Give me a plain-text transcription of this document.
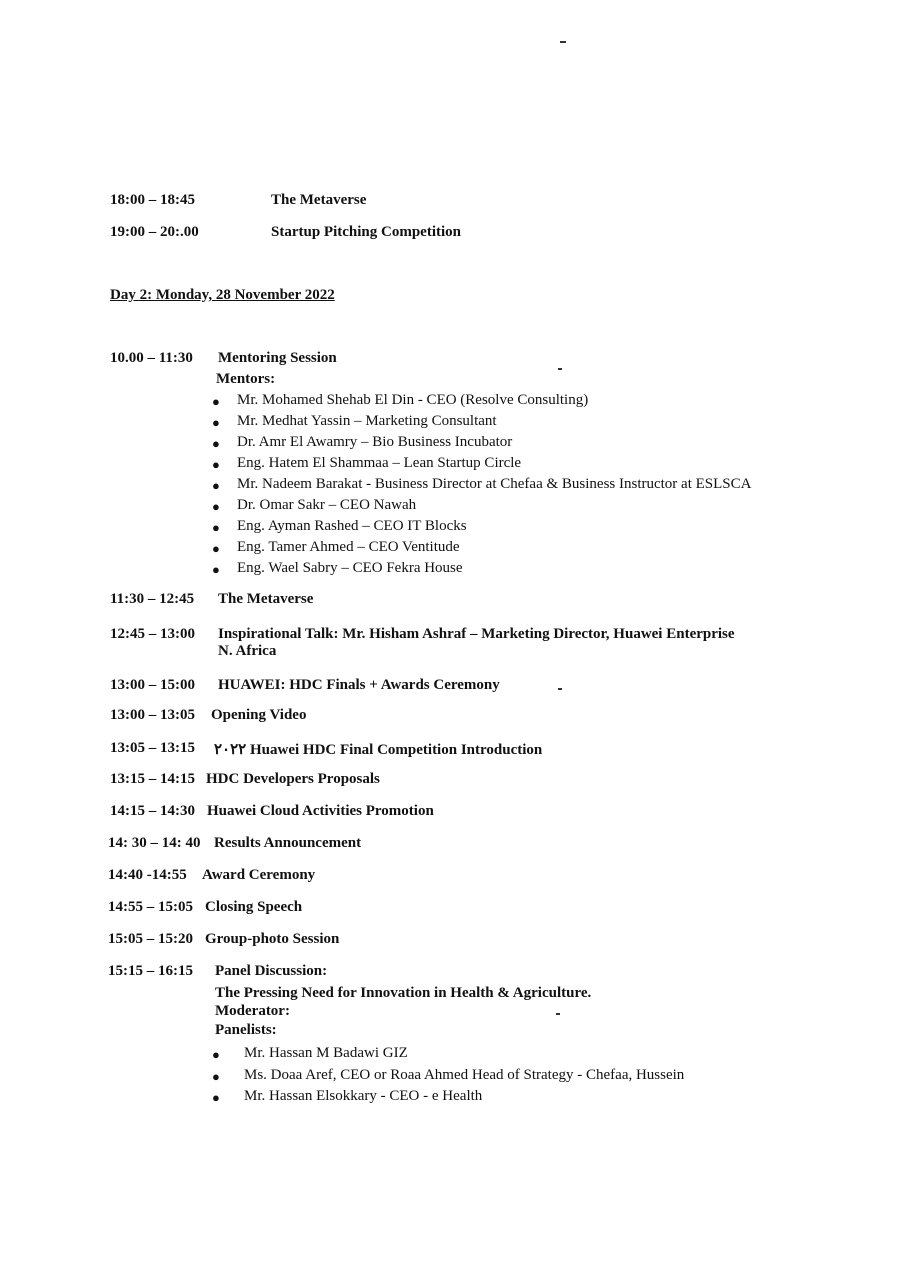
18:00 – 18:45	The Metaverse
19:00 – 20:.00	Startup Pitching Competition
Day 2: Monday, 28 November 2022
10.00 – 11:30 Mentoring Session
Mentors:
● Mr. Mohamed Shehab El Din - CEO (Resolve Consulting)
● Mr. Medhat Yassin – Marketing Consultant
● Dr. Amr El Awamry – Bio Business Incubator
● Eng. Hatem El Shammaa – Lean Startup Circle
● Mr. Nadeem Barakat - Business Director at Chefaa & Business Instructor at ESLSCA
● Dr. Omar Sakr – CEO Nawah
● Eng. Ayman Rashed – CEO IT Blocks
● Eng. Tamer Ahmed – CEO Ventitude
● Eng. Wael Sabry – CEO Fekra House
11:30 – 12:45 The Metaverse
12:45 – 13:00 Inspirational Talk: Mr. Hisham Ashraf – Marketing Director, Huawei Enterprise
N. Africa
13:00 – 15:00 HUAWEI: HDC Finals + Awards Ceremony
13:00 – 13:05 Opening Video
13:05 – 13:15 ٢٠٢٢ Huawei HDC Final Competition Introduction
13:15 – 14:15 HDC Developers Proposals
14:15 – 14:30 Huawei Cloud Activities Promotion
14: 30 – 14: 40 Results Announcement
14:40 -14:55 Award Ceremony
14:55 – 15:05 Closing Speech
15:05 – 15:20 Group-photo Session
15:15 – 16:15 Panel Discussion:
The Pressing Need for Innovation in Health & Agriculture.
Moderator:
Panelists:
● Mr. Hassan M Badawi GIZ
● Ms. Doaa Aref, CEO or Roaa Ahmed Head of Strategy - Chefaa, Hussein
● Mr. Hassan Elsokkary - CEO - e Health
